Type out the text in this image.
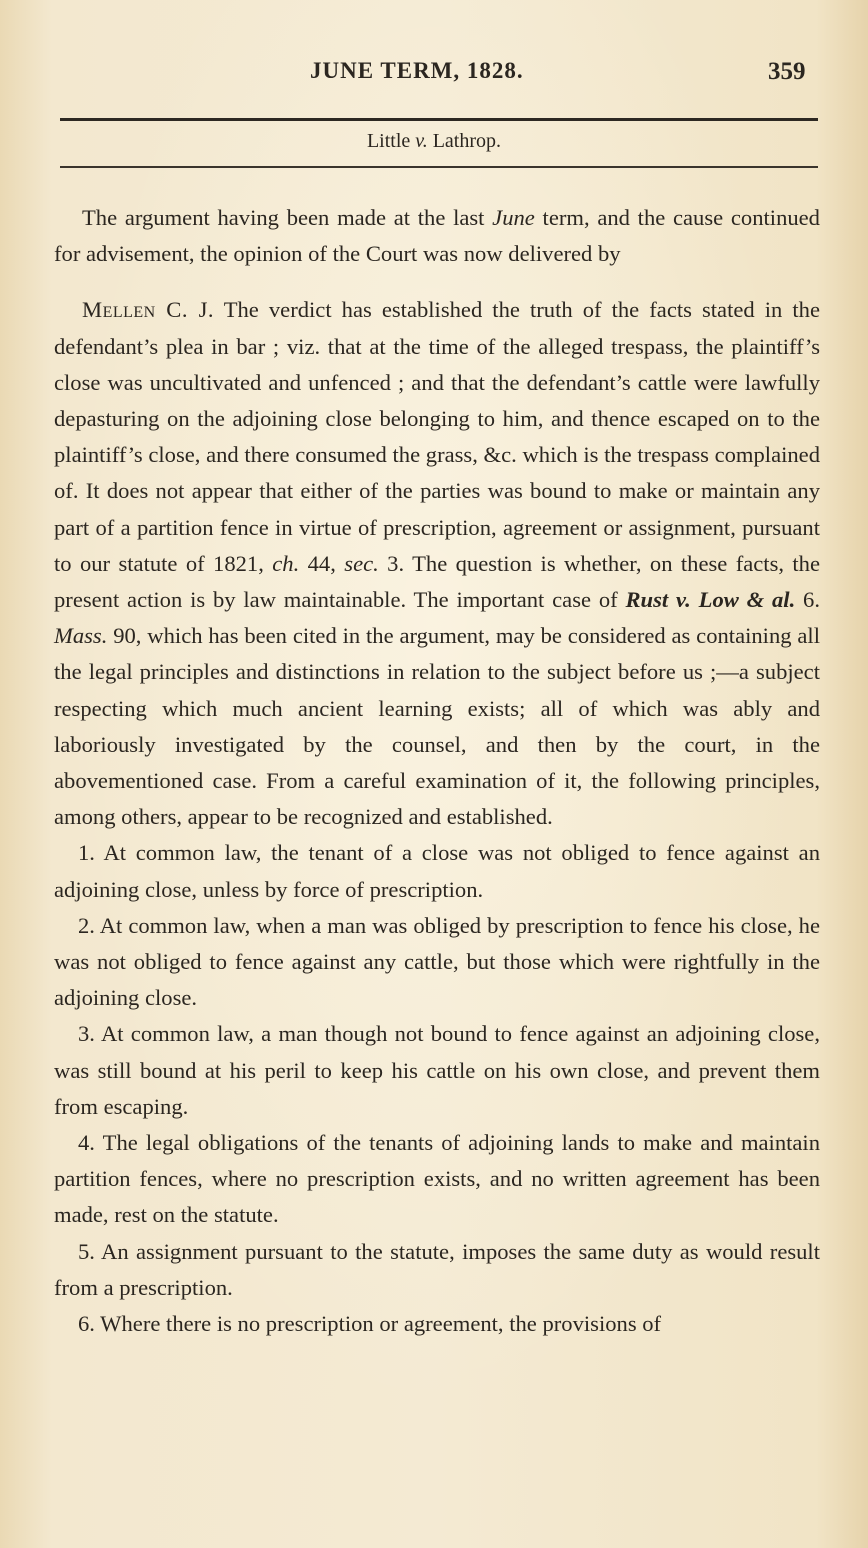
JUNE TERM, 1828.	359
Little v. Lathrop.

The argument having been made at the last June term, and the cause continued for advisement, the opinion of the Court was now delivered by

Mellen C. J. The verdict has established the truth of the facts stated in the defendant’s plea in bar ; viz. that at the time of the alleged trespass, the plaintiff’s close was uncultivated and unfenced ; and that the defendant’s cattle were lawfully depasturing on the adjoining close belonging to him, and thence escaped on to the plaintiff’s close, and there consumed the grass, &c. which is the trespass complained of. It does not appear that either of the parties was bound to make or maintain any part of a partition fence in virtue of prescription, agreement or assignment, pursuant to our statute of 1821, ch. 44, sec. 3. The question is whether, on these facts, the present action is by law maintainable. The important case of Rust v. Low & al. 6. Mass. 90, which has been cited in the argument, may be considered as containing all the legal principles and distinctions in relation to the subject before us ;—a subject respecting which much ancient learning exists; all of which was ably and laboriously investigated by the counsel, and then by the court, in the abovementioned case. From a careful examination of it, the following principles, among others, appear to be recognized and established.

1. At common law, the tenant of a close was not obliged to fence against an adjoining close, unless by force of prescription.

2. At common law, when a man was obliged by prescription to fence his close, he was not obliged to fence against any cattle, but those which were rightfully in the adjoining close.

3. At common law, a man though not bound to fence against an adjoining close, was still bound at his peril to keep his cattle on his own close, and prevent them from escaping.

4. The legal obligations of the tenants of adjoining lands to make and maintain partition fences, where no prescription exists, and no written agreement has been made, rest on the statute.

5. An assignment pursuant to the statute, imposes the same duty as would result from a prescription.

6. Where there is no prescription or agreement, the provisions of
